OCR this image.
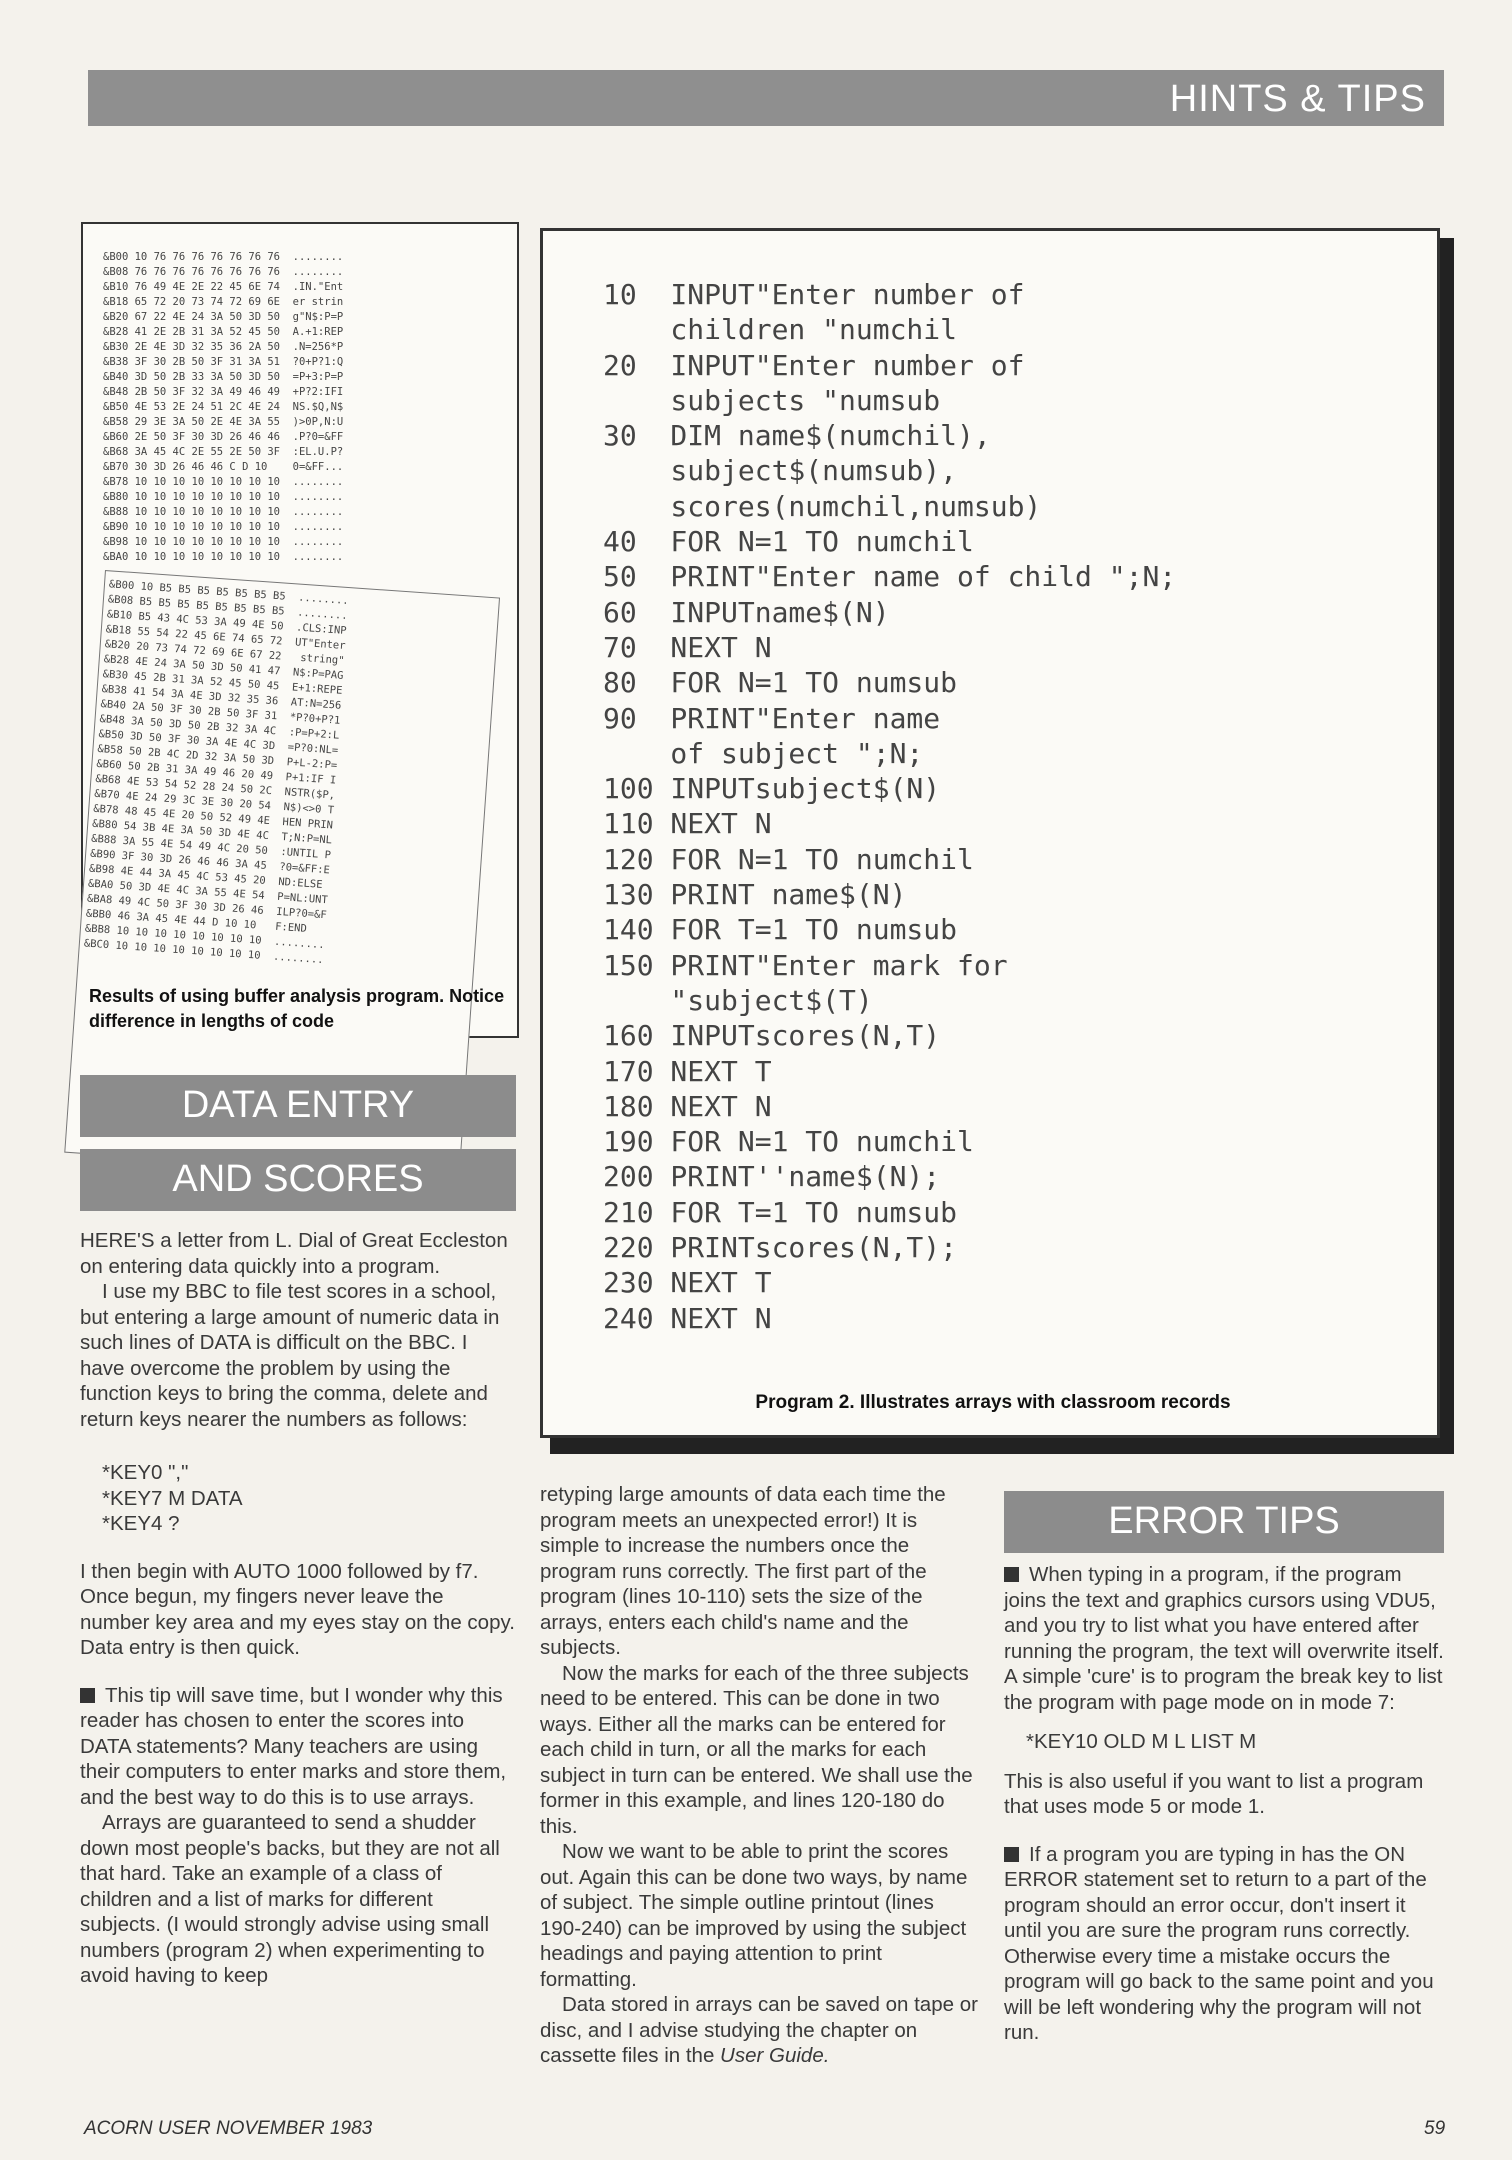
HINTS & TIPS
&B00 10 76 76 76 76 76 76 76  ........
&B08 76 76 76 76 76 76 76 76  ........
&B10 76 49 4E 2E 22 45 6E 74  .IN."Ent
&B18 65 72 20 73 74 72 69 6E  er strin
&B20 67 22 4E 24 3A 50 3D 50  g"N$:P=P
&B28 41 2E 2B 31 3A 52 45 50  A.+1:REP
&B30 2E 4E 3D 32 35 36 2A 50  .N=256*P
&B38 3F 30 2B 50 3F 31 3A 51  ?0+P?1:Q
&B40 3D 50 2B 33 3A 50 3D 50  =P+3:P=P
&B48 2B 50 3F 32 3A 49 46 49  +P?2:IFI
&B50 4E 53 2E 24 51 2C 4E 24  NS.$Q,N$
&B58 29 3E 3A 50 2E 4E 3A 55  )>0P,N:U
&B60 2E 50 3F 30 3D 26 46 46  .P?0=&FF
&B68 3A 45 4C 2E 55 2E 50 3F  :EL.U.P?
&B70 30 3D 26 46 46 C D 10    0=&FF...
&B78 10 10 10 10 10 10 10 10  ........
&B80 10 10 10 10 10 10 10 10  ........
&B88 10 10 10 10 10 10 10 10  ........
&B90 10 10 10 10 10 10 10 10  ........
&B98 10 10 10 10 10 10 10 10  ........
&BA0 10 10 10 10 10 10 10 10  ........
&B00 10 B5 B5 B5 B5 B5 B5 B5  ........
&B08 B5 B5 B5 B5 B5 B5 B5 B5  ........
&B10 B5 43 4C 53 3A 49 4E 50  .CLS:INP
&B18 55 54 22 45 6E 74 65 72  UT"Enter
&B20 20 73 74 72 69 6E 67 22   string"
&B28 4E 24 3A 50 3D 50 41 47  N$:P=PAG
&B30 45 2B 31 3A 52 45 50 45  E+1:REPE
&B38 41 54 3A 4E 3D 32 35 36  AT:N=256
&B40 2A 50 3F 30 2B 50 3F 31  *P?0+P?1
&B48 3A 50 3D 50 2B 32 3A 4C  :P=P+2:L
&B50 3D 50 3F 30 3A 4E 4C 3D  =P?0:NL=
&B58 50 2B 4C 2D 32 3A 50 3D  P+L-2:P=
&B60 50 2B 31 3A 49 46 20 49  P+1:IF I
&B68 4E 53 54 52 28 24 50 2C  NSTR($P,
&B70 4E 24 29 3C 3E 30 20 54  N$)<>0 T
&B78 48 45 4E 20 50 52 49 4E  HEN PRIN
&B80 54 3B 4E 3A 50 3D 4E 4C  T;N:P=NL
&B88 3A 55 4E 54 49 4C 20 50  :UNTIL P
&B90 3F 30 3D 26 46 46 3A 45  ?0=&FF:E
&B98 4E 44 3A 45 4C 53 45 20  ND:ELSE
&BA0 50 3D 4E 4C 3A 55 4E 54  P=NL:UNT
&BA8 49 4C 50 3F 30 3D 26 46  ILP?0=&F
&BB0 46 3A 45 4E 44 D 10 10   F:END
&BB8 10 10 10 10 10 10 10 10  ........
&BC0 10 10 10 10 10 10 10 10  ........
Results of using buffer analysis program. Notice difference in lengths of code
10  INPUT"Enter number of
children "numchil
20  INPUT"Enter number of
subjects "numsub
30  DIM name$(numchil),
subject$(numsub),
scores(numchil,numsub)
40  FOR N=1 TO numchil
50  PRINT"Enter name of child ";N;
60  INPUTname$(N)
70  NEXT N
80  FOR N=1 TO numsub
90  PRINT"Enter name
of subject ";N;
100 INPUTsubject$(N)
110 NEXT N
120 FOR N=1 TO numchil
130 PRINT name$(N)
140 FOR T=1 TO numsub
150 PRINT"Enter mark for
"subject$(T)
160 INPUTscores(N,T)
170 NEXT T
180 NEXT N
190 FOR N=1 TO numchil
200 PRINT''name$(N);
210 FOR T=1 TO numsub
220 PRINTscores(N,T);
230 NEXT T
240 NEXT N
Program 2. Illustrates arrays with classroom records
DATA ENTRY
AND SCORES

HERE'S a letter from L. Dial of Great Eccleston on entering data quickly into a program.

I use my BBC to file test scores in a school, but entering a large amount of numeric data in such lines of DATA is difficult on the BBC. I have overcome the problem by using the function keys to bring the comma, delete and return keys nearer the numbers as follows:

*KEY0 ","

*KEY7 M DATA

*KEY4 ?

I then begin with AUTO 1000 followed by f7. Once begun, my fingers never leave the number key area and my eyes stay on the copy. Data entry is then quick.

This tip will save time, but I wonder why this reader has chosen to enter the scores into DATA statements? Many teachers are using their computers to enter marks and store them, and the best way to do this is to use arrays.

Arrays are guaranteed to send a shudder down most people's backs, but they are not all that hard. Take an example of a class of children and a list of marks for different subjects. (I would strongly advise using small numbers (program 2) when experimenting to avoid having to keep

retyping large amounts of data each time the program meets an unexpected error!) It is simple to increase the numbers once the program runs correctly. The first part of the program (lines 10-110) sets the size of the arrays, enters each child's name and the subjects.

Now the marks for each of the three subjects need to be entered. This can be done in two ways. Either all the marks can be entered for each child in turn, or all the marks for each subject in turn can be entered. We shall use the former in this example, and lines 120-180 do this.

Now we want to be able to print the scores out. Again this can be done two ways, by name of subject. The simple outline printout (lines 190-240) can be improved by using the subject headings and paying attention to print formatting.

Data stored in arrays can be saved on tape or disc, and I advise studying the chapter on cassette files in the User Guide.

ERROR TIPS

When typing in a program, if the program joins the text and graphics cursors using VDU5, and you try to list what you have entered after running the program, the text will overwrite itself. A simple 'cure' is to program the break key to list the program with page mode on in mode 7:

*KEY10 OLD M L LIST M

This is also useful if you want to list a program that uses mode 5 or mode 1.

If a program you are typing in has the ON ERROR statement set to return to a part of the program should an error occur, don't insert it until you are sure the program runs correctly. Otherwise every time a mistake occurs the program will go back to the same point and you will be left wondering why the program will not run.

ACORN USER NOVEMBER 1983	59
